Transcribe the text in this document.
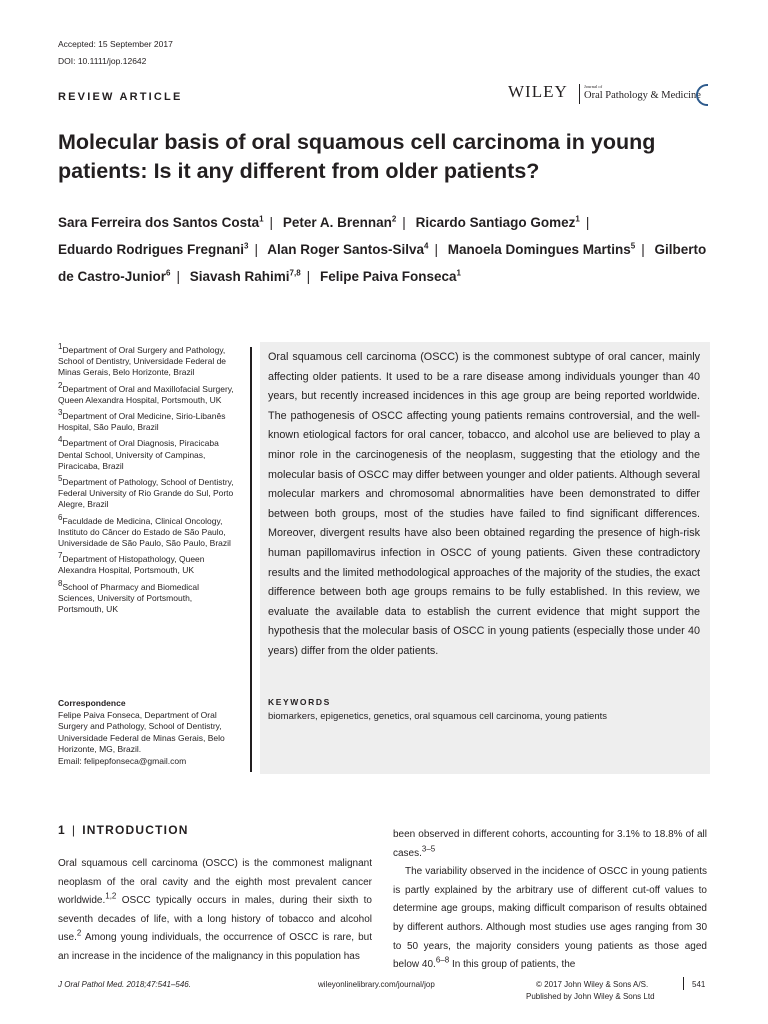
Accepted: 15 September 2017
DOI: 10.1111/jop.12642
REVIEW ARTICLE	WILEY	Journal of
Oral Pathology & Medicine
Molecular basis of oral squamous cell carcinoma in young patients: Is it any different from older patients?
Sara Ferreira dos Santos Costa$^1$ | Peter A. Brennan$^2$ | Ricardo Santiago Gomez$^1$ |
Eduardo Rodrigues Fregnani$^3$ | Alan Roger Santos-Silva$^4$ | Manoela Domingues Martins$^5$ | Gilberto de Castro-Junior$^6$ | Siavash Rahimi$^{7,8}$ | Felipe Paiva Fonseca$^1$

$^1$Department of Oral Surgery and Pathology, School of Dentistry, Universidade Federal de Minas Gerais, Belo Horizonte, Brazil

$^2$Department of Oral and Maxillofacial Surgery, Queen Alexandra Hospital, Portsmouth, UK

$^3$Department of Oral Medicine, Sirio-Libanês Hospital, São Paulo, Brazil

$^4$Department of Oral Diagnosis, Piracicaba Dental School, University of Campinas, Piracicaba, Brazil

$^5$Department of Pathology, School of Dentistry, Federal University of Rio Grande do Sul, Porto Alegre, Brazil

$^6$Faculdade de Medicina, Clinical Oncology, Instituto do Câncer do Estado de São Paulo, Universidade de São Paulo, São Paulo, Brazil

$^7$Department of Histopathology, Queen Alexandra Hospital, Portsmouth, UK

$^8$School of Pharmacy and Biomedical Sciences, University of Portsmouth, Portsmouth, UK

Correspondence
Felipe Paiva Fonseca, Department of Oral Surgery and Pathology, School of Dentistry, Universidade Federal de Minas Gerais, Belo Horizonte, MG, Brazil.
Email: felipepfonseca@gmail.com
Oral squamous cell carcinoma (OSCC) is the commonest subtype of oral cancer, mainly affecting older patients. It used to be a rare disease among individuals younger than 40 years, but recently increased incidences in this age group are being reported worldwide. The pathogenesis of OSCC affecting young patients remains controversial, and the well-known etiological factors for oral cancer, tobacco, and alcohol use are believed to play a minor role in the carcinogenesis of the neoplasm, suggesting that the etiology and the molecular basis of OSCC may differ between younger and older patients. Although several molecular markers and chromosomal abnormalities have been demonstrated to differ between both groups, most of the studies have failed to find significant differences. Moreover, divergent results have also been obtained regarding the presence of high-risk human papillomavirus infection in OSCC of young patients. Given these contradictory results and the limited methodological approaches of the majority of the studies, the exact difference between both age groups remains to be fully established. In this review, we evaluate the available data to establish the current evidence that might support the hypothesis that the molecular basis of OSCC in young patients (especially those under 40 years) differ from the older patients.
KEYWORDS
biomarkers, epigenetics, genetics, oral squamous cell carcinoma, young patients
1 | INTRODUCTION

Oral squamous cell carcinoma (OSCC) is the commonest malignant neoplasm of the oral cavity and the eighth most prevalent cancer worldwide.$^{1,2}$ OSCC typically occurs in males, during their sixth to seventh decades of life, with a long history of tobacco and alcohol use.$^2$ Among young individuals, the occurrence of OSCC is rare, but an increase in the incidence of the malignancy in this population has

been observed in different cohorts, accounting for 3.1% to 18.8% of all cases.$^{3-5}$

The variability observed in the incidence of OSCC in young patients is partly explained by the arbitrary use of different cut-off values to determine age groups, making difficult comparison of results obtained by different authors. Although most studies use ages ranging from 30 to 50 years, the majority considers young patients as those aged below 40.$^{6-8}$ In this group of patients, the

J Oral Pathol Med. 2018;47:541–546.	wileyonlinelibrary.com/journal/jop	© 2017 John Wiley & Sons A/S.
Published by John Wiley & Sons Ltd
541
